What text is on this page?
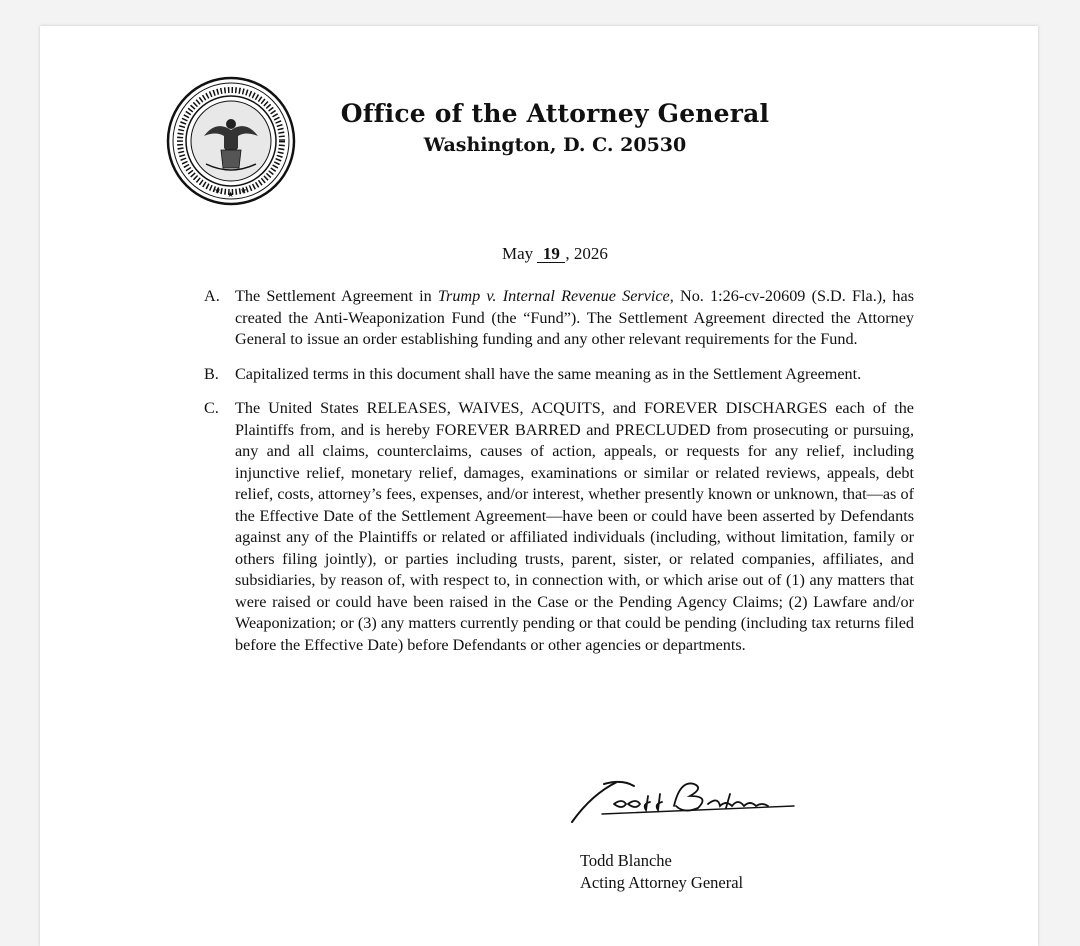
★ ★ ★
Office of the Attorney General
Washington, D. C. 20530
May 19 , 2026
A. The Settlement Agreement in Trump v. Internal Revenue Service, No. 1:26-cv-20609 (S.D. Fla.), has created the Anti-Weaponization Fund (the “Fund”). The Settlement Agreement directed the Attorney General to issue an order establishing funding and any other relevant requirements for the Fund.
B. Capitalized terms in this document shall have the same meaning as in the Settlement Agreement.
C. The United States RELEASES, WAIVES, ACQUITS, and FOREVER DISCHARGES each of the Plaintiffs from, and is hereby FOREVER BARRED and PRECLUDED from prosecuting or pursuing, any and all claims, counterclaims, causes of action, appeals, or requests for any relief, including injunctive relief, monetary relief, damages, examinations or similar or related reviews, appeals, debt relief, costs, attorney’s fees, expenses, and/or interest, whether presently known or unknown, that—as of the Effective Date of the Settlement Agreement—have been or could have been asserted by Defendants against any of the Plaintiffs or related or affiliated individuals (including, without limitation, family or others filing jointly), or parties including trusts, parent, sister, or related companies, affiliates, and subsidiaries, by reason of, with respect to, in connection with, or which arise out of (1) any matters that were raised or could have been raised in the Case or the Pending Agency Claims; (2) Lawfare and/or Weaponization; or (3) any matters currently pending or that could be pending (including tax returns filed before the Effective Date) before Defendants or other agencies or departments.
Todd Blanche
Acting Attorney General
